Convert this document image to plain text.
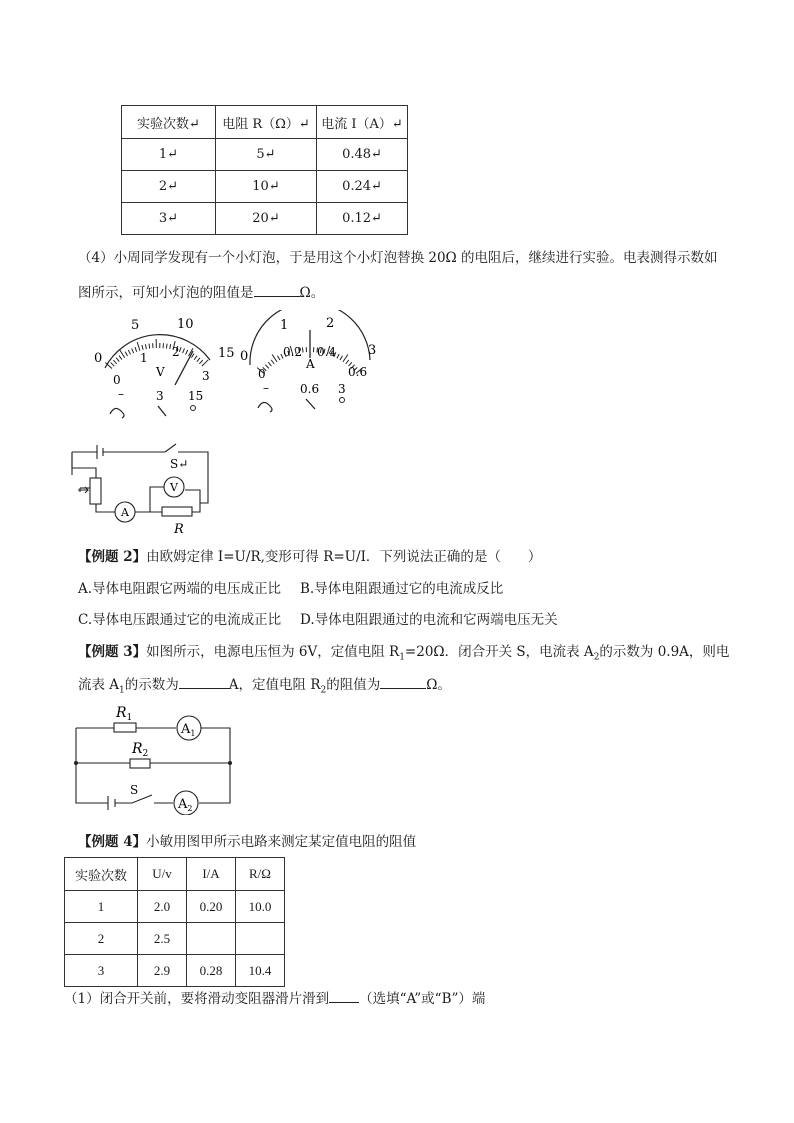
实验次数↵	电阻 R（Ω）↵	电流 I（A）↵
1↵	5↵	0.48↵
2↵	10↵	0.24↵
3↵	20↵	0.12↵
（4）小周同学发现有一个小灯泡，于是用这个小灯泡替换 20Ω 的电阻后，继续进行实验。电表测得示数如
图所示，可知小灯泡的阻值是	Ω。
0
5	10
15
0
1 2
3
V
–	3 15
0
1	2
3
0
0.2 0.4
0.6
A
–	0.6 3
A
V
S↵
R
【例题 2】由欧姆定律 I=U/R,变形可得 R=U/I．下列说法正确的是（　　）
A.导体电阻跟它两端的电压成正比 B.导体电阻跟通过它的电流成反比
C.导体电压跟通过它的电流成正比 D.导体电阻跟通过的电流和它两端电压无关
【例题 3】如图所示，电源电压恒为 6V，定值电阻 $R_1=20\Omega$．闭合开关 S，电流表 $A_2$的示数为 0.9A，则电
流表 $A_1$的示数为	A，定值电阻 $R_2$的阻值为	Ω。
$R_1$
$R_2$
$A_1$
$A_2$
S
【例题 4】小敏用图甲所示电路来测定某定值电阻的阻值
实验次数	U/v	I/A	R/Ω
1	2.0	0.20	10.0
2	2.5		
3	2.9	0.28	10.4
（1）闭合开关前，要将滑动变阻器滑片滑到 （选填“A”或“B”）端
